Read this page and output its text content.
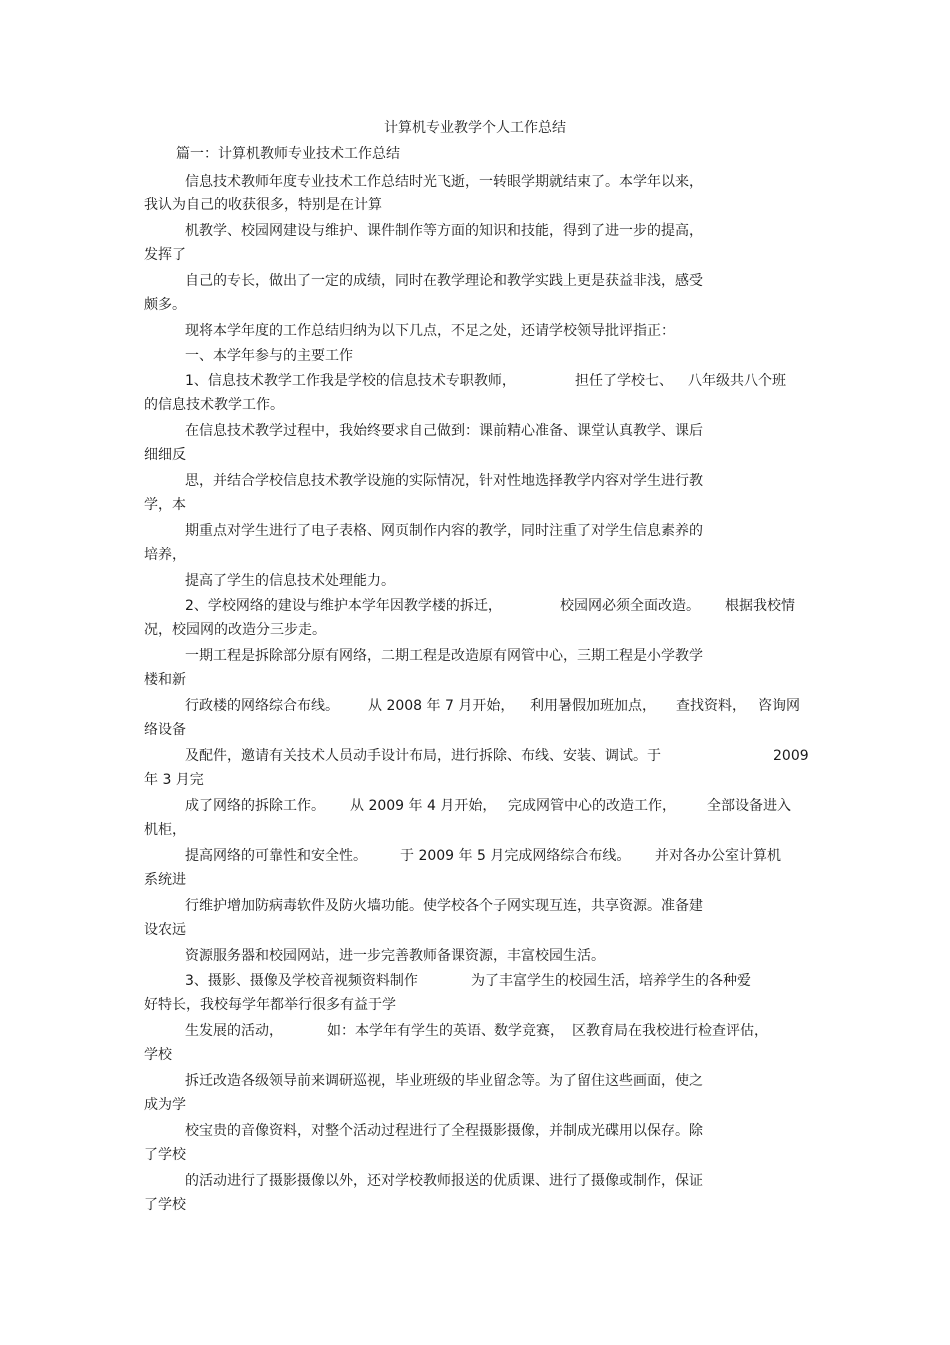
计算机专业教学个人工作总结
篇一：计算机教师专业技术工作总结
信息技术教师年度专业技术工作总结时光飞逝，一转眼学期就结束了。本学年以来，
我认为自己的收获很多，特别是在计算
机教学、校园网建设与维护、课件制作等方面的知识和技能，得到了进一步的提高，
发挥了
自己的专长，做出了一定的成绩，同时在教学理论和教学实践上更是获益非浅，感受
颇多。
现将本学年度的工作总结归纳为以下几点，不足之处，还请学校领导批评指正：
一、本学年参与的主要工作
1、信息技术教学工作我是学校的信息技术专职教师，	担任了学校七、 八年级共八个班
的信息技术教学工作。
在信息技术教学过程中，我始终要求自己做到：课前精心准备、课堂认真教学、课后
细细反
思，并结合学校信息技术教学设施的实际情况，针对性地选择教学内容对学生进行教
学，本
期重点对学生进行了电子表格、网页制作内容的教学，同时注重了对学生信息素养的
培养，
提高了学生的信息技术处理能力。
2、学校网络的建设与维护本学年因教学楼的拆迁，	校园网必须全面改造。 根据我校情
况，校园网的改造分三步走。
一期工程是拆除部分原有网络，二期工程是改造原有网管中心，三期工程是小学教学
楼和新
行政楼的网络综合布线。 从 2008 年 7 月开始， 利用暑假加班加点， 查找资料， 咨询网
络设备
及配件，邀请有关技术人员动手设计布局，进行拆除、布线、安装、调试。于	2009
年 3 月完
成了网络的拆除工作。 从 2009 年 4 月开始， 完成网管中心的改造工作， 全部设备进入
机柜，
提高网络的可靠性和安全性。 于 2009 年 5 月完成网络综合布线。 并对各办公室计算机
系统进
行维护增加防病毒软件及防火墙功能。使学校各个子网实现互连，共享资源。准备建
设农远
资源服务器和校园网站，进一步完善教师备课资源，丰富校园生活。
3、摄影、摄像及学校音视频资料制作	为了丰富学生的校园生活，培养学生的各种爱
好特长，我校每学年都举行很多有益于学
生发展的活动，	如：本学年有学生的英语、 数学竞赛， 区教育局在我校进行检查评估，
学校
拆迁改造各级领导前来调研巡视，毕业班级的毕业留念等。为了留住这些画面，使之
成为学
校宝贵的音像资料，对整个活动过程进行了全程摄影摄像，并制成光碟用以保存。除
了学校
的活动进行了摄影摄像以外，还对学校教师报送的优质课、进行了摄像或制作，保证
了学校
